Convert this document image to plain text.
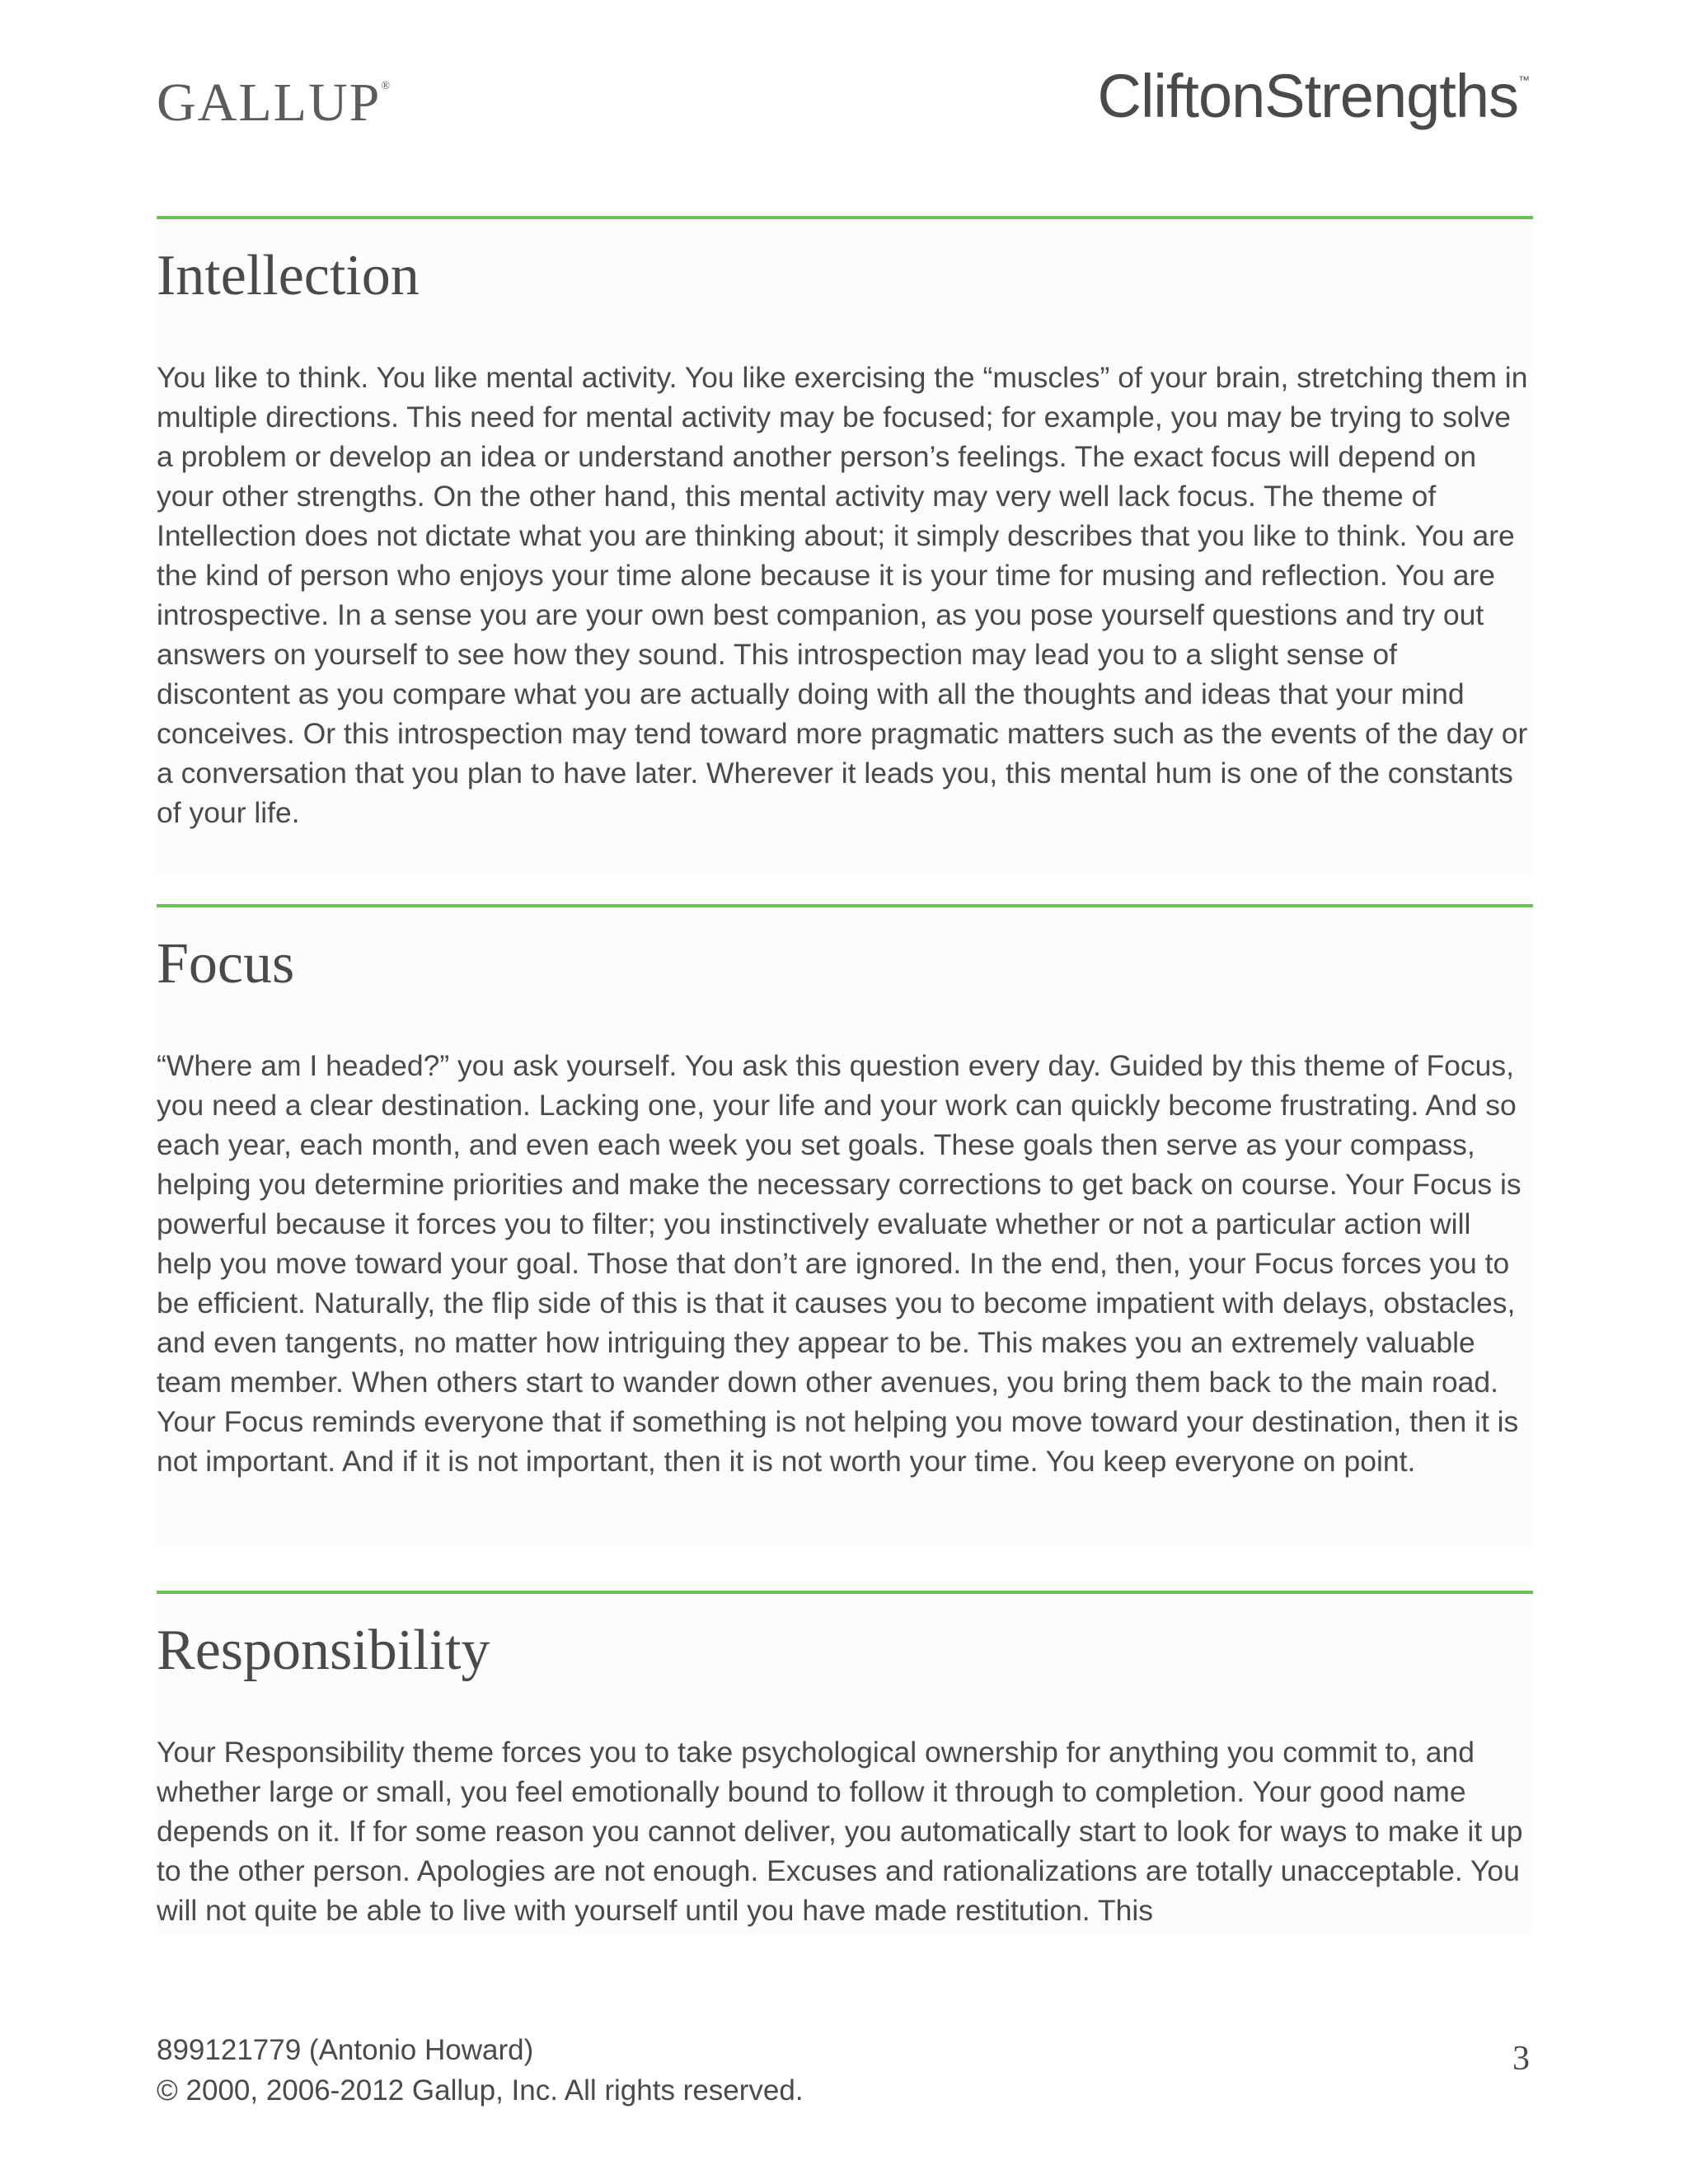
GALLUP®	CliftonStrengths™
Intellection

You like to think. You like mental activity. You like exercising the “muscles” of your brain, stretching them in multiple directions. This need for mental activity may be focused; for example, you may be trying to solve a problem or develop an idea or understand another person’s feelings. The exact focus will depend on your other strengths. On the other hand, this mental activity may very well lack focus. The theme of Intellection does not dictate what you are thinking about; it simply describes that you like to think. You are the kind of person who enjoys your time alone because it is your time for musing and reflection. You are introspective. In a sense you are your own best companion, as you pose yourself questions and try out answers on yourself to see how they sound. This introspection may lead you to a slight sense of discontent as you compare what you are actually doing with all the thoughts and ideas that your mind conceives. Or this introspection may tend toward more pragmatic matters such as the events of the day or a conversation that you plan to have later. Wherever it leads you, this mental hum is one of the constants of your life.

Focus

“Where am I headed?” you ask yourself. You ask this question every day. Guided by this theme of Focus, you need a clear destination. Lacking one, your life and your work can quickly become frustrating. And so each year, each month, and even each week you set goals. These goals then serve as your compass, helping you determine priorities and make the necessary corrections to get back on course. Your Focus is powerful because it forces you to filter; you instinctively evaluate whether or not a particular action will help you move toward your goal. Those that don’t are ignored. In the end, then, your Focus forces you to be efficient. Naturally, the flip side of this is that it causes you to become impatient with delays, obstacles, and even tangents, no matter how intriguing they appear to be. This makes you an extremely valuable team member. When others start to wander down other avenues, you bring them back to the main road. Your Focus reminds everyone that if something is not helping you move toward your destination, then it is not important. And if it is not important, then it is not worth your time. You keep everyone on point.

Responsibility

Your Responsibility theme forces you to take psychological ownership for anything you commit to, and whether large or small, you feel emotionally bound to follow it through to completion. Your good name depends on it. If for some reason you cannot deliver, you automatically start to look for ways to make it up to the other person. Apologies are not enough. Excuses and rationalizations are totally unacceptable. You will not quite be able to live with yourself until you have made restitution. This

899121779 (Antonio Howard)
© 2000, 2006-2012 Gallup, Inc. All rights reserved.
3
